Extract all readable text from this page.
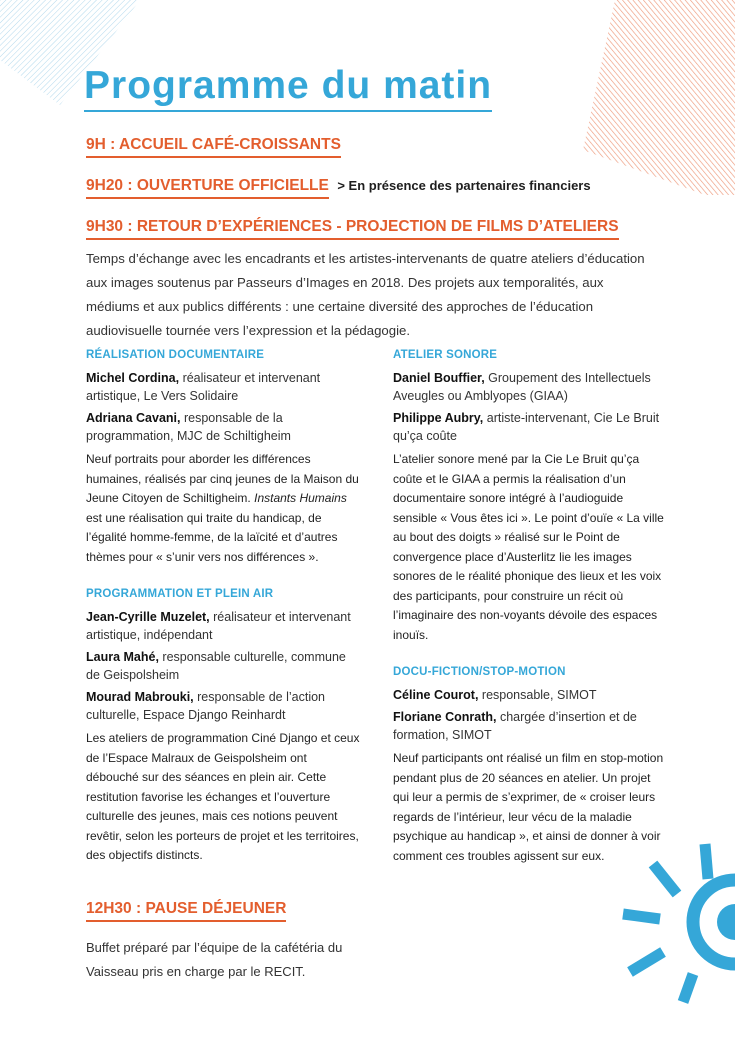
Programme du matin
9H : ACCUEIL CAFÉ-CROISSANTS
9H20 : OUVERTURE OFFICIELLE > En présence des partenaires financiers
9H30 : RETOUR D’EXPÉRIENCES - PROJECTION DE FILMS D’ATELIERS
Temps d’échange avec les encadrants et les artistes-intervenants de quatre ateliers d’éducation aux images soutenus par Passeurs d’Images en 2018. Des projets aux temporalités, aux médiums et aux publics différents : une certaine diversité des approches de l’éducation audiovisuelle tournée vers l’expression et la pédagogie.
RÉALISATION DOCUMENTAIRE
Michel Cordina, réalisateur et intervenant artistique, Le Vers Solidaire
Adriana Cavani, responsable de la programmation, MJC de Schiltigheim
Neuf portraits pour aborder les différences humaines, réalisés par cinq jeunes de la Maison du Jeune Citoyen de Schiltigheim. Instants Humains est une réalisation qui traite du handicap, de l’égalité homme-femme, de la laïcité et d’autres thèmes pour « s’unir vers nos différences ».
PROGRAMMATION ET PLEIN AIR
Jean-Cyrille Muzelet, réalisateur et intervenant artistique, indépendant
Laura Mahé, responsable culturelle, commune de Geispolsheim
Mourad Mabrouki, responsable de l’action culturelle, Espace Django Reinhardt
Les ateliers de programmation Ciné Django et ceux de l’Espace Malraux de Geispolsheim ont débouché sur des séances en plein air. Cette restitution favorise les échanges et l’ouverture culturelle des jeunes, mais ces notions peuvent revêtir, selon les porteurs de projet et les territoires, des objectifs distincts.
ATELIER SONORE
Daniel Bouffier, Groupement des Intellectuels Aveugles ou Amblyopes (GIAA)
Philippe Aubry, artiste-intervenant, Cie Le Bruit qu’ça coûte
L’atelier sonore mené par la Cie Le Bruit qu’ça coûte et le GIAA a permis la réalisation d’un documentaire sonore intégré à l’audioguide sensible « Vous êtes ici ». Le point d’ouïe « La ville au bout des doigts » réalisé sur le Point de convergence place d’Austerlitz lie les images sonores de le réalité phonique des lieux et les voix des participants, pour construire un récit où l’imaginaire des non-voyants dévoile des espaces inouïs.
DOCU-FICTION/STOP-MOTION
Céline Courot, responsable, SIMOT
Floriane Conrath, chargée d’insertion et de formation, SIMOT
Neuf participants ont réalisé un film en stop-motion pendant plus de 20 séances en atelier. Un projet qui leur a permis de s’exprimer, de « croiser leurs regards de l’intérieur, leur vécu de la maladie psychique au handicap », et ainsi de donner à voir comment ces troubles agissent sur eux.
12H30 : PAUSE DÉJEUNER
Buffet préparé par l’équipe de la cafétéria du Vaisseau pris en charge par le RECIT.
